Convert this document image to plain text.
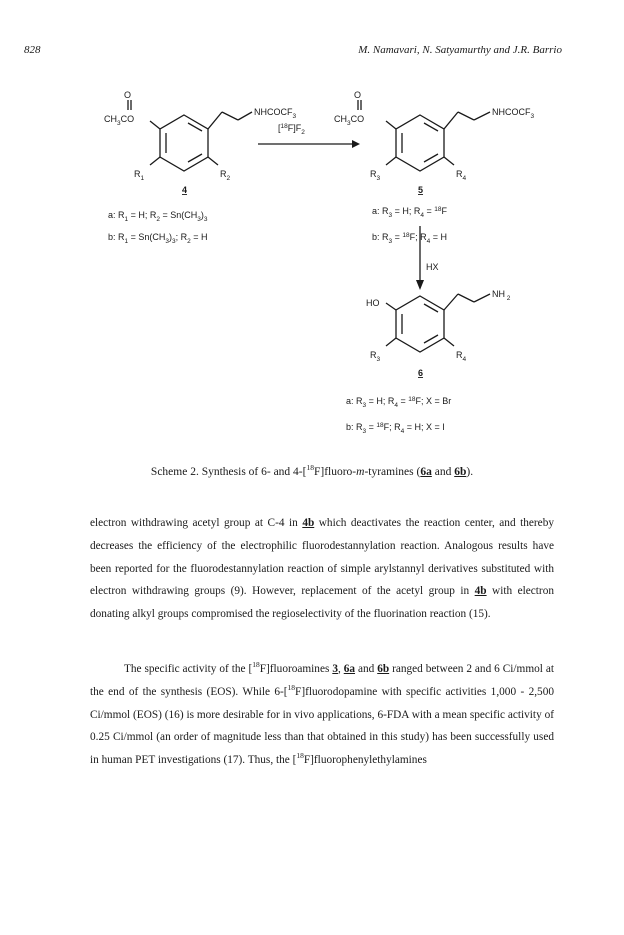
828	M. Namavari, N. Satyamurthy and J.R. Barrio
O
$CH_3CO$
$NHCOCF_3$
$R_1$	$R_2$
4
$[^{18}F]F_2$
O
$CH_3CO$
$NHCOCF_3$
$R_3$	$R_4$
5
a: $R_1 = H$; $R_2 = Sn(CH_3)_3$
b: $R_1 = Sn(CH_3)_3$; $R_2 = H$
a: $R_3 = H$; $R_4 = ^{18}F$
b: $R_3 = ^{18}F$; $R_4 = H$
HX
HO
NH $_2$
$R_3$	$R_4$
6
a: $R_3 = H$; $R_4 = ^{18}F$; X = Br
b: $R_3 = ^{18}F$; $R_4 = H$; X = I
Scheme 2. Synthesis of 6- and 4-[$^{18}$F]fluoro-m-tyramines (6a and 6b).

electron withdrawing acetyl group at C-4 in 4b which deactivates the reaction center, and thereby decreases the efficiency of the electrophilic fluorodestannylation reaction. Analogous results have been reported for the fluorodestannylation reaction of simple arylstannyl derivatives substituted with electron withdrawing groups (9). However, replacement of the acetyl group in 4b with electron donating alkyl groups compromised the regioselectivity of the fluorination reaction (15).

The specific activity of the [$^{18}$F]fluoroamines 3, 6a and 6b ranged between 2 and 6 Ci/mmol at the end of the synthesis (EOS). While 6-[$^{18}$F]fluorodopamine with specific activities 1,000 - 2,500 Ci/mmol (EOS) (16) is more desirable for in vivo applications, 6-FDA with a mean specific activity of 0.25 Ci/mmol (an order of magnitude less than that obtained in this study) has been successfully used in human PET investigations (17). Thus, the [$^{18}$F]fluorophenylethylamines
